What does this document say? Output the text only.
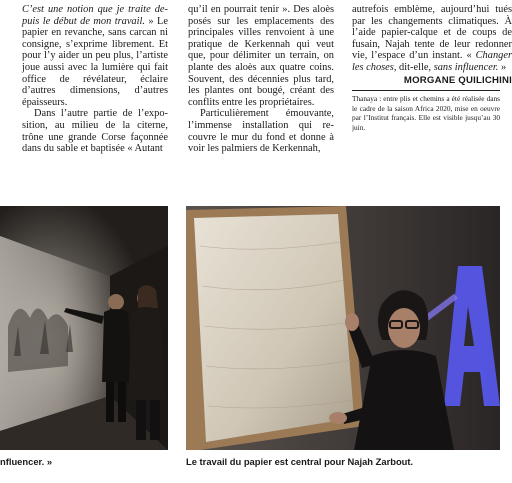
C’est une notion que je traite depuis le début de mon travail. » Le papier en revanche, sans carcan ni consigne, s’exprime librement. Et pour l’y aider un peu plus, l’artiste joue aussi avec la lumière qui fait office de révélateur, éclaire d’autres dimensions, d’autres épaisseurs.

Dans l’autre partie de l’exposition, au milieu de la citerne, trône une grande Corse façonnée dans du sable et baptisée « Autant

qu’il en pourrait tenir ». Des aloès posés sur les emplacements des principales villes renvoient à une pratique de Kerkennah qui veut que, pour délimiter un terrain, on plante des aloès aux quatre coins. Souvent, des décennies plus tard, les plantes ont bougé, créant des conflits entre les propriétaires.

Particulièrement émouvante, l’immense installation qui recouvre le mur du fond et donne à voir les palmiers de Kerkennah,

autrefois emblème, aujourd’hui tués par les changements climatiques. À l’aide papier-calque et de coups de fusain, Najah tente de leur redonner vie, l’espace d’un instant. « Changer les choses, dit-elle, sans influencer. »

MORGANE QUILICHINI
Thanaya : entre plis et chemins a été réalisée dans le cadre de la saison Africa 2020, mise en oeuvre par l’Institut français. Elle est visible jusqu’au 30 juin.
nfluencer. »	Le travail du papier est central pour Najah Zarbout.
